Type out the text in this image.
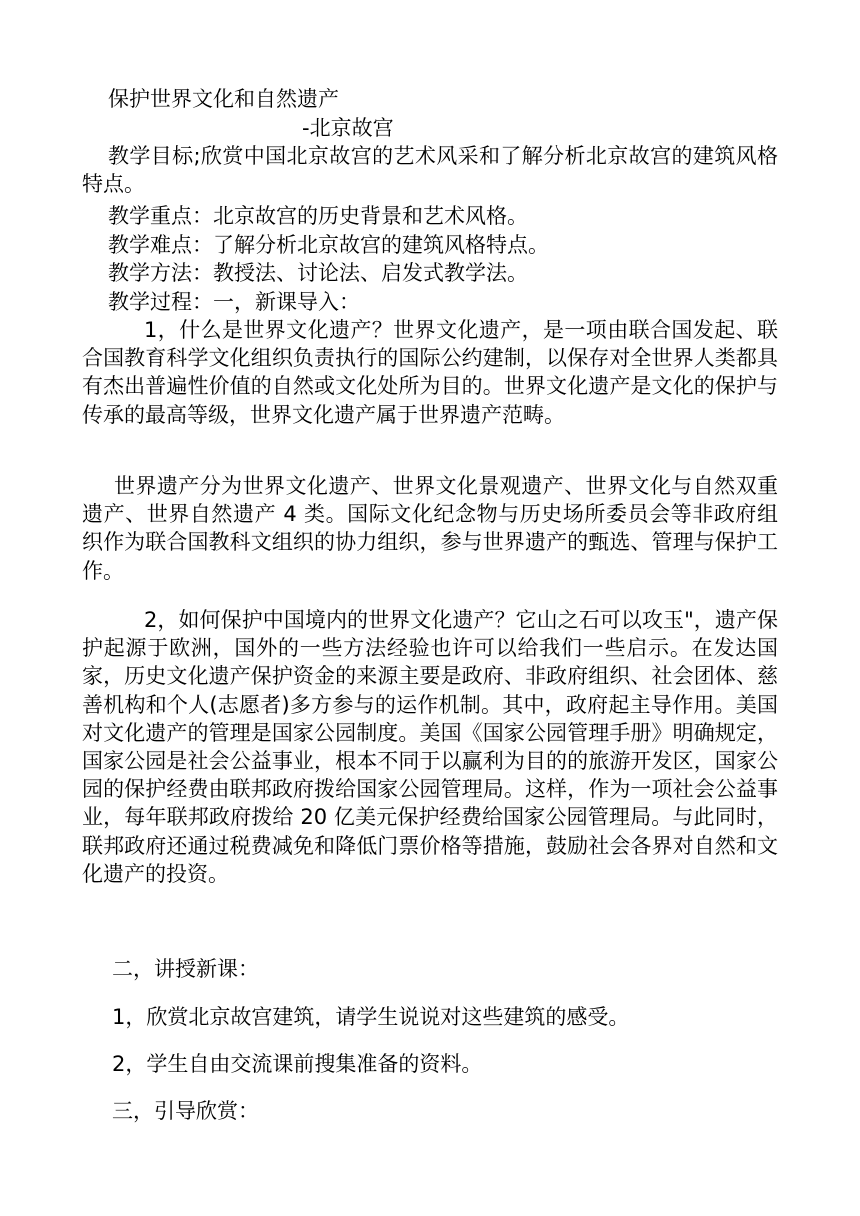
保护世界文化和自然遗产
-北京故宫
教学目标;欣赏中国北京故宫的艺术风采和了解分析北京故宫的建筑风格特点。
教学重点：北京故宫的历史背景和艺术风格。
教学难点：了解分析北京故宫的建筑风格特点。
教学方法：教授法、讨论法、启发式教学法。
教学过程：一，新课导入：
1，什么是世界文化遗产？世界文化遗产，是一项由联合国发起、联合国教育科学文化组织负责执行的国际公约建制，以保存对全世界人类都具有杰出普遍性价值的自然或文化处所为目的。世界文化遗产是文化的保护与传承的最高等级，世界文化遗产属于世界遗产范畴。
世界遗产分为世界文化遗产、世界文化景观遗产、世界文化与自然双重遗产、世界自然遗产 4 类。国际文化纪念物与历史场所委员会等非政府组织作为联合国教科文组织的协力组织，参与世界遗产的甄选、管理与保护工作。
2，如何保护中国境内的世界文化遗产？它山之石可以攻玉"，遗产保护起源于欧洲，国外的一些方法经验也许可以给我们一些启示。在发达国家，历史文化遗产保护资金的来源主要是政府、非政府组织、社会团体、慈善机构和个人(志愿者)多方参与的运作机制。其中，政府起主导作用。美国对文化遗产的管理是国家公园制度。美国《国家公园管理手册》明确规定，国家公园是社会公益事业，根本不同于以赢利为目的的旅游开发区，国家公园的保护经费由联邦政府拨给国家公园管理局。这样，作为一项社会公益事业，每年联邦政府拨给 20 亿美元保护经费给国家公园管理局。与此同时，联邦政府还通过税费减免和降低门票价格等措施，鼓励社会各界对自然和文化遗产的投资。
二，讲授新课：
1，欣赏北京故宫建筑，请学生说说对这些建筑的感受。
2，学生自由交流课前搜集准备的资料。
三，引导欣赏：
